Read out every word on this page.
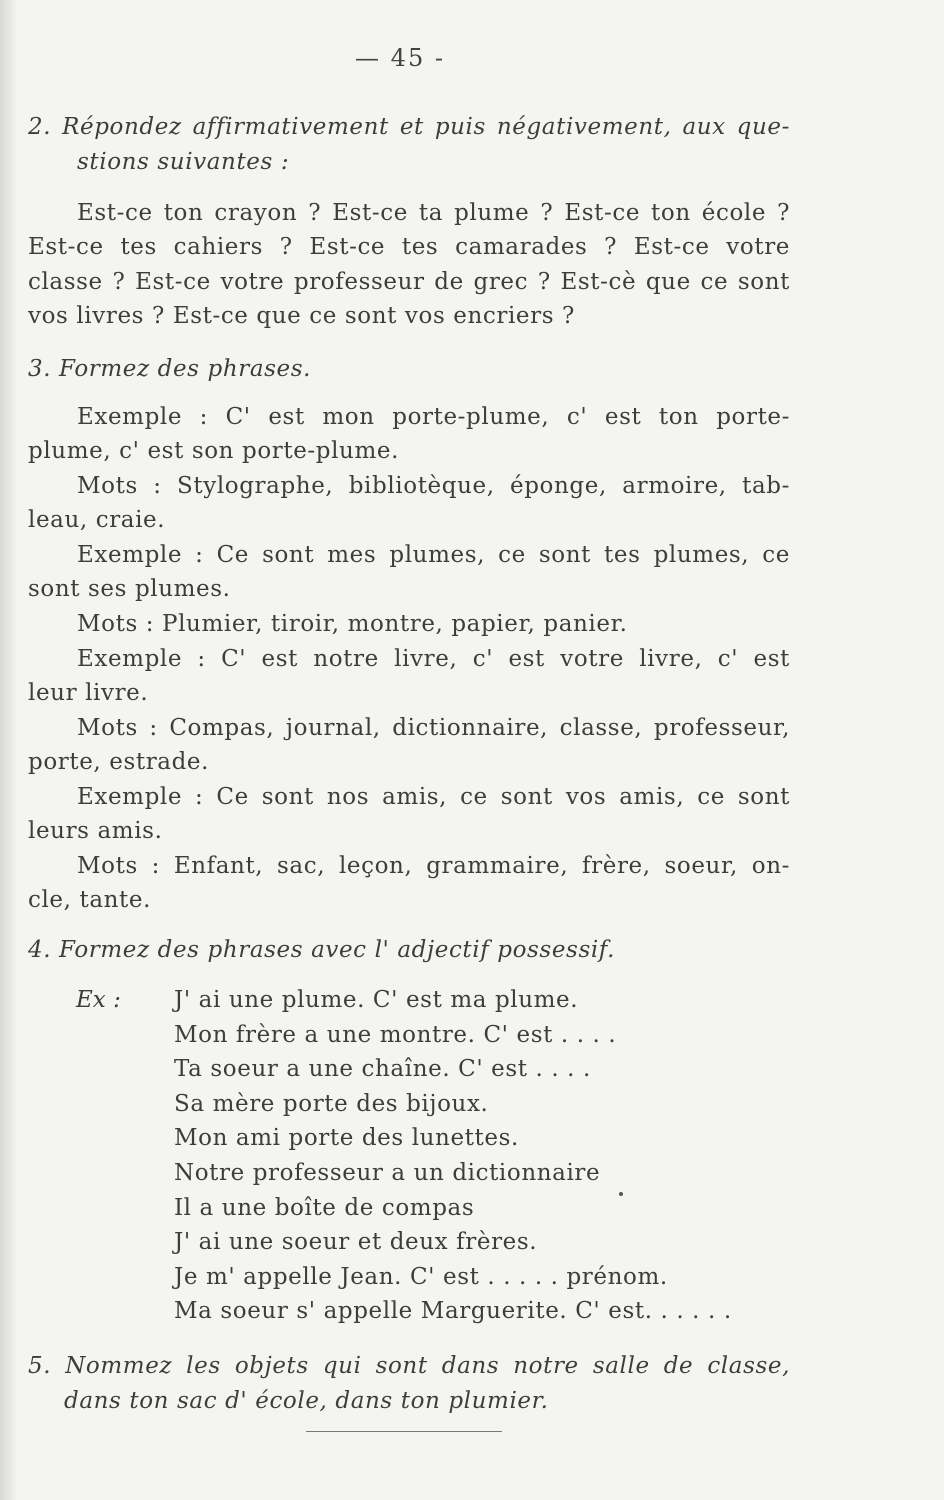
— 45 -
2. Répondez affirmativement et puis négativement, aux que-
stions suivantes :
Est-ce ton crayon ? Est-ce ta plume ? Est-ce ton école ?
Est-ce tes cahiers ? Est-ce tes camarades ? Est-ce votre
classe ? Est-ce votre professeur de grec ? Est-cè que ce sont
vos livres ? Est-ce que ce sont vos encriers ?
3. Formez des phrases.
Exemple : C' est mon porte-plume, c' est ton porte-
plume, c' est son porte-plume.
Mots : Stylographe, bibliotèque, éponge, armoire, tab-
leau, craie.
Exemple : Ce sont mes plumes, ce sont tes plumes, ce
sont ses plumes.
Mots : Plumier, tiroir, montre, papier, panier.
Exemple : C' est notre livre, c' est votre livre, c' est
leur livre.
Mots : Compas, journal, dictionnaire, classe, professeur,
porte, estrade.
Exemple : Ce sont nos amis, ce sont vos amis, ce sont
leurs amis.
Mots : Enfant, sac, leçon, grammaire, frère, soeur, on-
cle, tante.
4. Formez des phrases avec l' adjectif possessif.
Ex : J' ai une plume. C' est ma plume.
Mon frère a une montre. C' est . . . .
Ta soeur a une chaîne. C' est . . . .
Sa mère porte des bijoux.
Mon ami porte des lunettes.
Notre professeur a un dictionnaire
Il a une boîte de compas
J' ai une soeur et deux frères.
Je m' appelle Jean. C' est . . . . . prénom.
Ma soeur s' appelle Marguerite. C' est. . . . . .
5. Nommez les objets qui sont dans notre salle de classe,
dans ton sac d' école, dans ton plumier.
